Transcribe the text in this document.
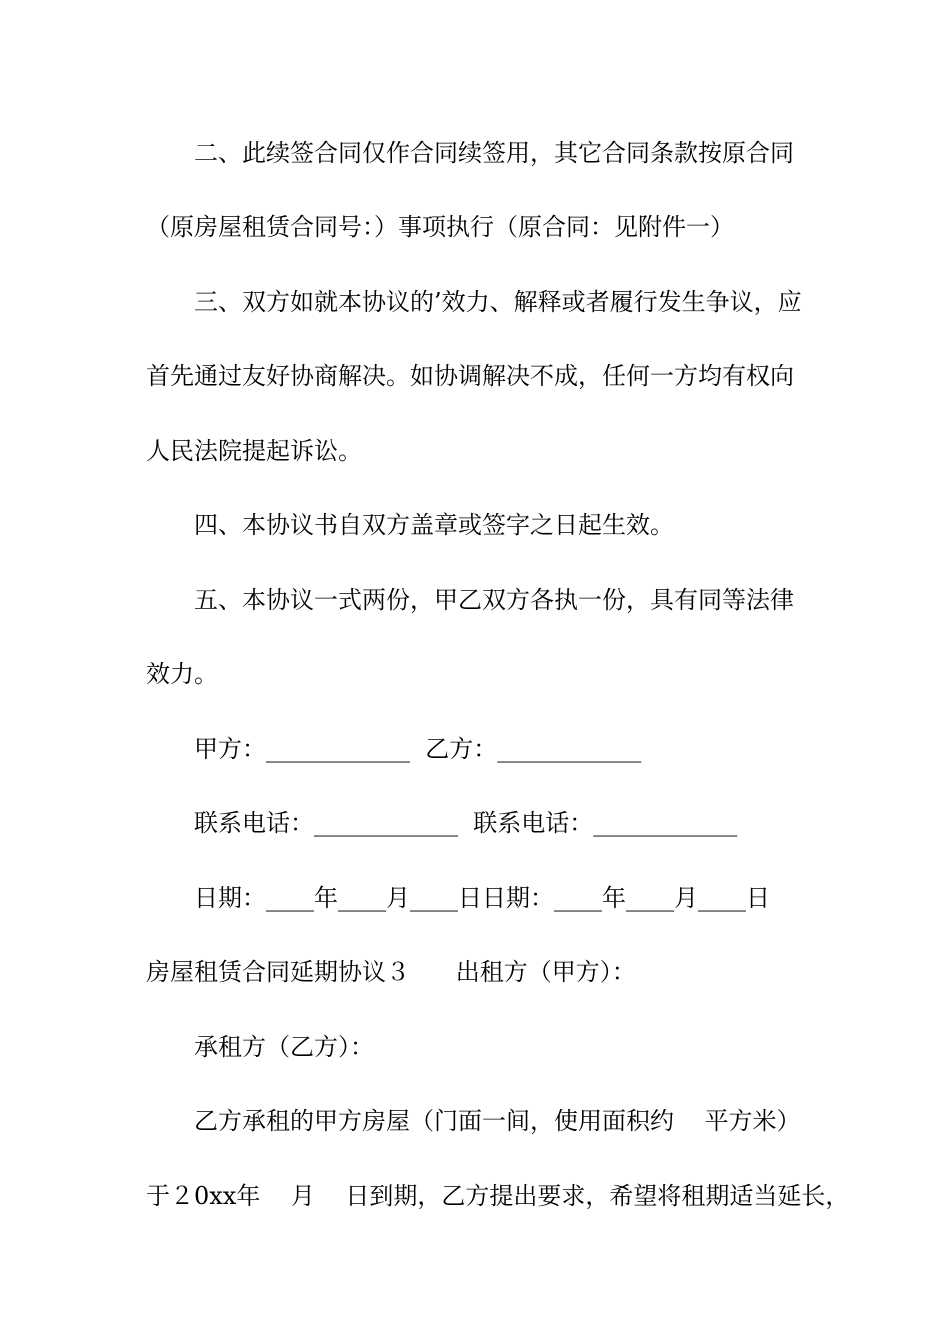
二、此续签合同仅作合同续签用，其它合同条款按原合同
（原房屋租赁合同号：）事项执行（原合同：见附件一）
三、双方如就本协议的’效力、解释或者履行发生争议，应
首先通过友好协商解决。如协调解决不成，任何一方均有权向
人民法院提起诉讼。
四、本协议书自双方盖章或签字之日起生效。
五、本协议一式两份，甲乙双方各执一份，具有同等法律
效力。
甲方：____________  乙方：____________
联系电话：____________  联系电话：____________
日期：____年____月____日日期：____年____月____日
房屋租赁合同延期协议３      出租方（甲方）：
承租方（乙方）：
乙方承租的甲方房屋（门面一间，使用面积约    平方米）
于２0xx年    月    日到期，乙方提出要求，希望将租期适当延长，
